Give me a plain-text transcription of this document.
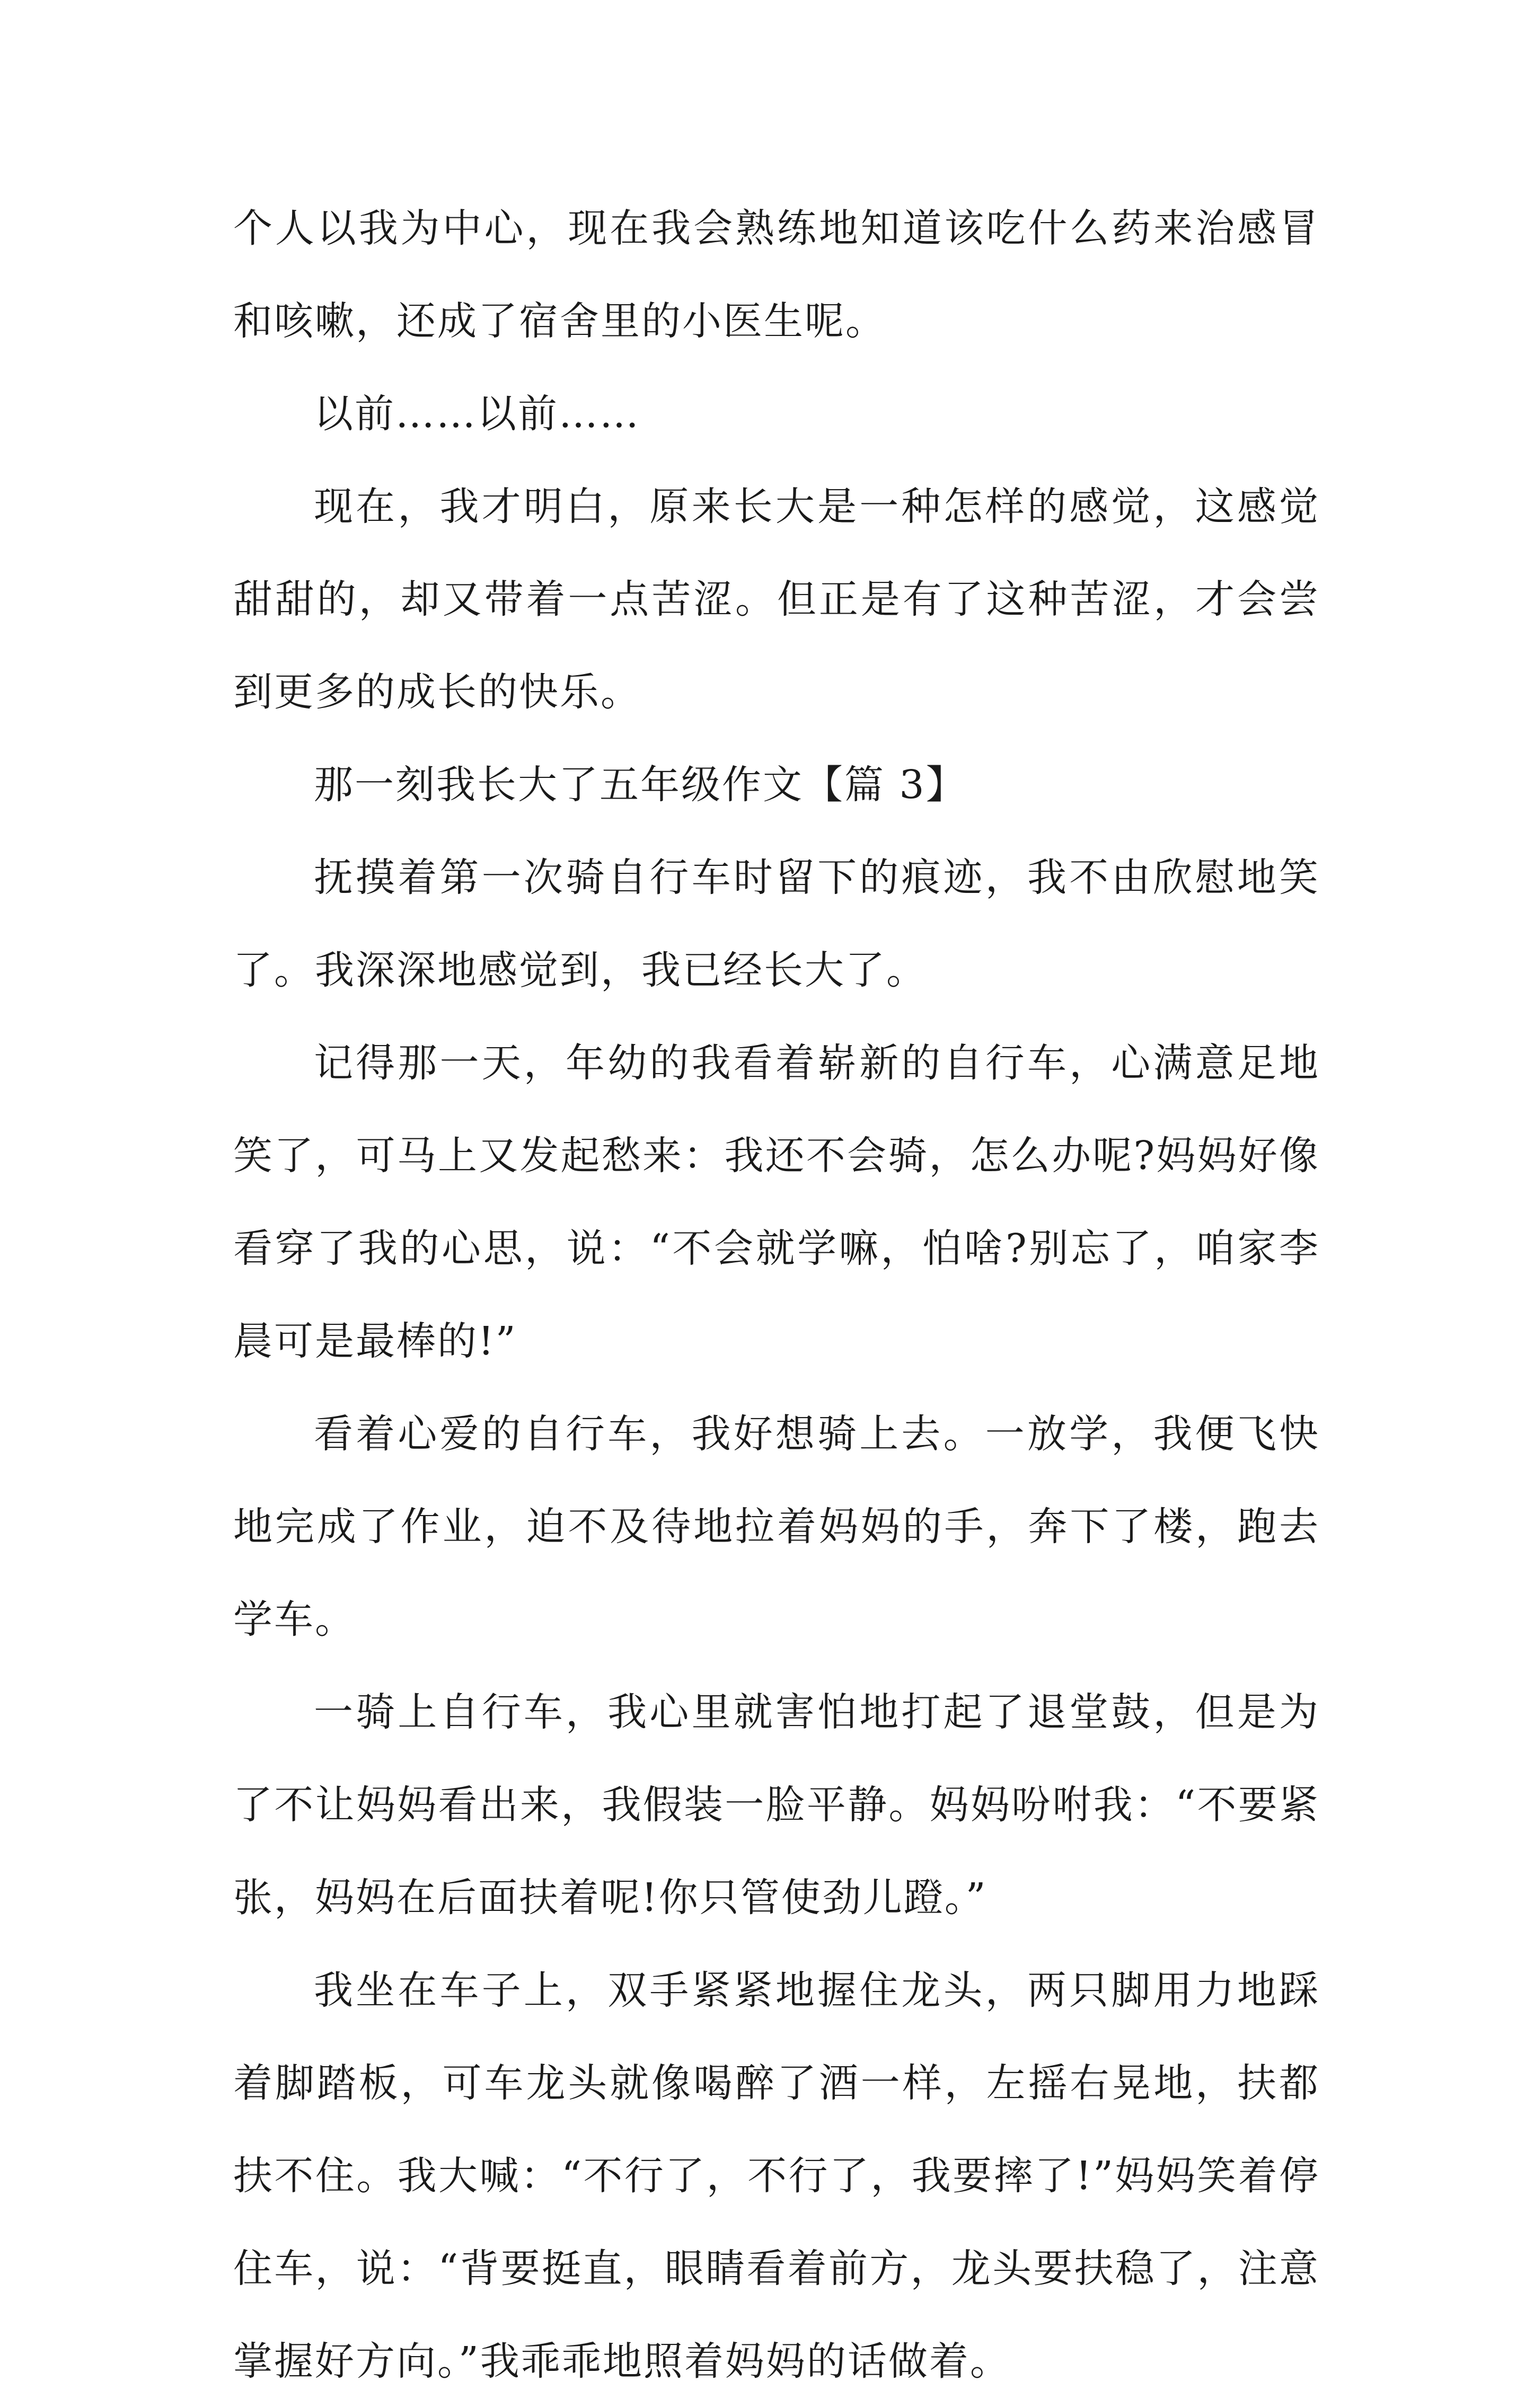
个人以我为中心，现在我会熟练地知道该吃什么药来治感冒和咳嗽，还成了宿舍里的小医生呢。

以前……以前……

现在，我才明白，原来长大是一种怎样的感觉，这感觉甜甜的，却又带着一点苦涩。但正是有了这种苦涩，才会尝到更多的成长的快乐。

那一刻我长大了五年级作文【篇 3】

抚摸着第一次骑自行车时留下的痕迹，我不由欣慰地笑了。我深深地感觉到，我已经长大了。

记得那一天，年幼的我看着崭新的自行车，心满意足地笑了，可马上又发起愁来：我还不会骑，怎么办呢?妈妈好像看穿了我的心思，说：“不会就学嘛，怕啥?别忘了，咱家李晨可是最棒的!”

看着心爱的自行车，我好想骑上去。一放学，我便飞快地完成了作业，迫不及待地拉着妈妈的手，奔下了楼，跑去学车。

一骑上自行车，我心里就害怕地打起了退堂鼓，但是为了不让妈妈看出来，我假装一脸平静。妈妈吩咐我：“不要紧张，妈妈在后面扶着呢!你只管使劲儿蹬。”

我坐在车子上，双手紧紧地握住龙头，两只脚用力地踩着脚踏板，可车龙头就像喝醉了酒一样，左摇右晃地，扶都扶不住。我大喊：“不行了，不行了，我要摔了!”妈妈笑着停住车，说：“背要挺直，眼睛看着前方，龙头要扶稳了，注意掌握好方向。”我乖乖地照着妈妈的话做着。
